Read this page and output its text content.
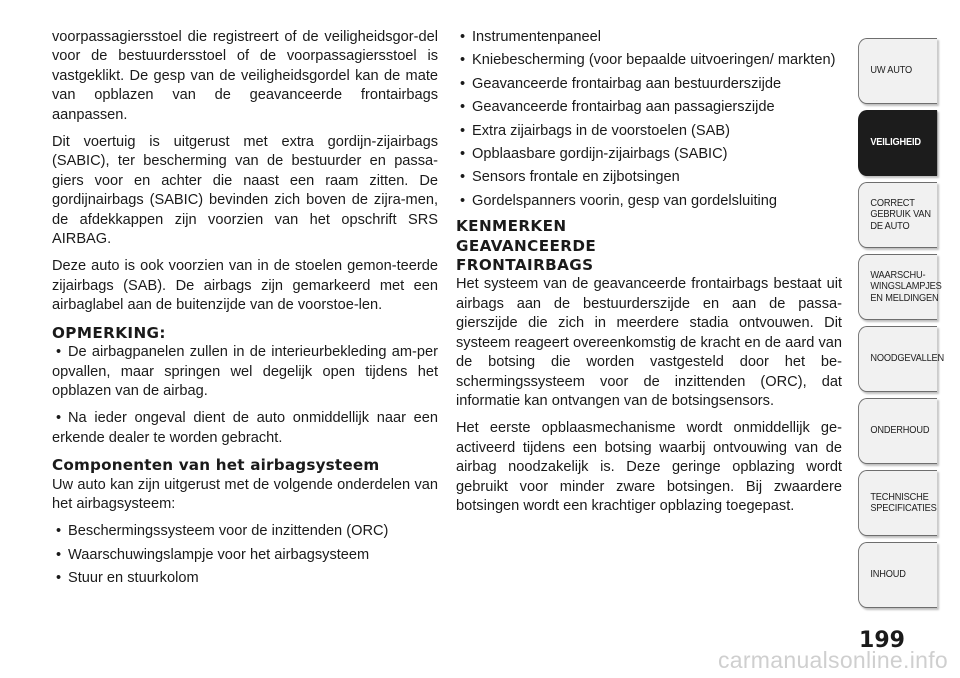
voorpassagiersstoel die registreert of de veiligheidsgor-del voor de bestuurdersstoel of de voorpassagiersstoel is vastgeklikt. De gesp van de veiligheidsgordel kan de mate van opblazen van de geavanceerde frontairbags aanpassen.

Dit voertuig is uitgerust met extra gordijn-zijairbags (SABIC), ter bescherming van de bestuurder en passa-giers voor en achter die naast een raam zitten. De gordijnairbags (SABIC) bevinden zich boven de zijra-men, de afdekkappen zijn voorzien van het opschrift SRS AIRBAG.

Deze auto is ook voorzien van in de stoelen gemon-teerde zijairbags (SAB). De airbags zijn gemarkeerd met een airbaglabel aan de buitenzijde van de voorstoe-len.

OPMERKING:
• De airbagpanelen zullen in de interieurbekleding am-per opvallen, maar springen wel degelijk open tijdens het opblazen van de airbag.
• Na ieder ongeval dient de auto onmiddellijk naar een erkende dealer te worden gebracht.
Componenten van het airbagsysteem

Uw auto kan zijn uitgerust met de volgende onderdelen van het airbagsysteem:

• Beschermingssysteem voor de inzittenden (ORC)
• Waarschuwingslampje voor het airbagsysteem
• Stuur en stuurkolom
• Instrumentenpaneel
• Kniebescherming (voor bepaalde uitvoeringen/ markten)
• Geavanceerde frontairbag aan bestuurderszijde
• Geavanceerde frontairbag aan passagierszijde
• Extra zijairbags in de voorstoelen (SAB)
• Opblaasbare gordijn-zijairbags (SABIC)
• Sensors frontale en zijbotsingen
• Gordelspanners voorin, gesp van gordelsluiting
KENMERKEN GEAVANCEERDE FRONTAIRBAGS

Het systeem van de geavanceerde frontairbags bestaat uit airbags aan de bestuurderszijde en aan de passa-gierszijde die zich in meerdere stadia ontvouwen. Dit systeem reageert overeenkomstig de kracht en de aard van de botsing die worden vastgesteld door het be-schermingssysteem voor de inzittenden (ORC), dat informatie kan ontvangen van de botsingsensors.

Het eerste opblaasmechanisme wordt onmiddellijk ge-activeerd tijdens een botsing waarbij ontvouwing van de airbag noodzakelijk is. Deze geringe opblazing wordt gebruikt voor minder zware botsingen. Bij zwaardere botsingen wordt een krachtiger opblazing toegepast.

UW AUTO
VEILIGHEID
CORRECT
GEBRUIK VAN
DE AUTO
WAARSCHU-
WINGSLAMPJES
EN MELDINGEN
NOODGEVALLEN
ONDERHOUD
TECHNISCHE
SPECIFICATIES
INHOUD
199
carmanualsonline.info
